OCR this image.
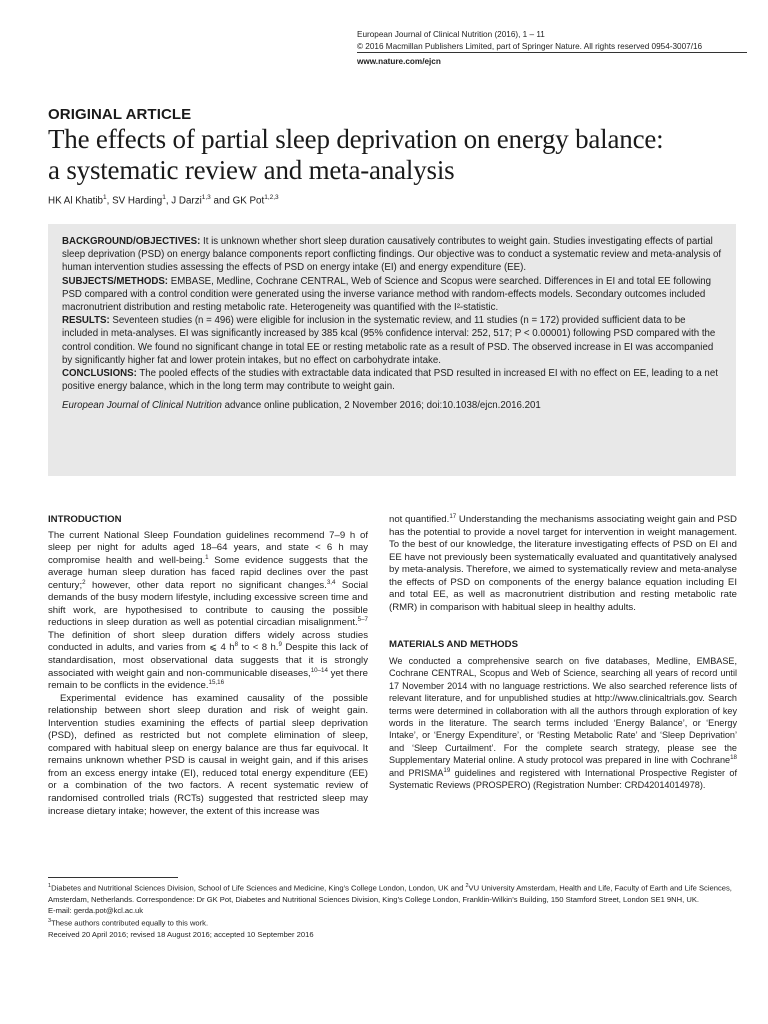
European Journal of Clinical Nutrition (2016), 1 – 11
© 2016 Macmillan Publishers Limited, part of Springer Nature. All rights reserved 0954-3007/16
www.nature.com/ejcn
ORIGINAL ARTICLE
The effects of partial sleep deprivation on energy balance:
a systematic review and meta-analysis
HK Al Khatib$^1$, SV Harding$^1$, J Darzi$^{1,3}$ and GK Pot$^{1,2,3}$

BACKGROUND/OBJECTIVES: It is unknown whether short sleep duration causatively contributes to weight gain. Studies investigating effects of partial sleep deprivation (PSD) on energy balance components report conflicting findings. Our objective was to conduct a systematic review and meta-analysis of human intervention studies assessing the effects of PSD on energy intake (EI) and energy expenditure (EE).

SUBJECTS/METHODS: EMBASE, Medline, Cochrane CENTRAL, Web of Science and Scopus were searched. Differences in EI and total EE following PSD compared with a control condition were generated using the inverse variance method with random-effects models. Secondary outcomes included macronutrient distribution and resting metabolic rate. Heterogeneity was quantified with the I²-statistic.

RESULTS: Seventeen studies (n = 496) were eligible for inclusion in the systematic review, and 11 studies (n = 172) provided sufficient data to be included in meta-analyses. EI was significantly increased by 385 kcal (95% confidence interval: 252, 517; P < 0.00001) following PSD compared with the control condition. We found no significant change in total EE or resting metabolic rate as a result of PSD. The observed increase in EI was accompanied by significantly higher fat and lower protein intakes, but no effect on carbohydrate intake.

CONCLUSIONS: The pooled effects of the studies with extractable data indicated that PSD resulted in increased EI with no effect on EE, leading to a net positive energy balance, which in the long term may contribute to weight gain.

European Journal of Clinical Nutrition advance online publication, 2 November 2016; doi:10.1038/ejcn.2016.201

INTRODUCTION

The current National Sleep Foundation guidelines recommend 7–9 h of sleep per night for adults aged 18–64 years, and state < 6 h may compromise health and well-being.$^1$ Some evidence suggests that the average human sleep duration has faced rapid declines over the past century;$^2$ however, other data report no significant changes.$^{3,4}$ Social demands of the busy modern lifestyle, including excessive screen time and shift work, are hypothesised to contribute to causing the possible reductions in sleep duration as well as potential circadian misalignment.$^{5-7}$ The definition of short sleep duration differs widely across studies conducted in adults, and varies from ⩽ 4 $h^8$ to < 8 h.$^9$ Despite this lack of standardisation, most observational data suggests that it is strongly associated with weight gain and non-communicable diseases,$^{10-14}$ yet there remain to be conflicts in the evidence.$^{15,16}$

Experimental evidence has examined causality of the possible relationship between short sleep duration and risk of weight gain. Intervention studies examining the effects of partial sleep deprivation (PSD), defined as restricted but not complete elimination of sleep, compared with habitual sleep on energy balance are thus far equivocal. It remains unknown whether PSD is causal in weight gain, and if this arises from an excess energy intake (EI), reduced total energy expenditure (EE) or a combination of the two factors. A recent systematic review of randomised controlled trials (RCTs) suggested that restricted sleep may increase dietary intake; however, the extent of this increase was

not quantified.$^{17}$ Understanding the mechanisms associating weight gain and PSD has the potential to provide a novel target for intervention in weight management. To the best of our knowledge, the literature investigating effects of PSD on EI and EE have not previously been systematically evaluated and quantitatively analysed by meta-analysis. Therefore, we aimed to systematically review and meta-analyse the effects of PSD on components of the energy balance equation including EI and total EE, as well as macronutrient distribution and resting metabolic rate (RMR) in comparison with habitual sleep in healthy adults.

MATERIALS AND METHODS

We conducted a comprehensive search on five databases, Medline, EMBASE, Cochrane CENTRAL, Scopus and Web of Science, searching all years of record until 17 November 2014 with no language restrictions. We also searched reference lists of relevant literature, and for unpublished studies at http://www.clinicaltrials.gov. Search terms were determined in collaboration with all the authors through exploration of key words in the literature. The search terms included ‘Energy Balance’, or ‘Energy Intake’, or ‘Energy Expenditure’, or ‘Resting Metabolic Rate’ and ‘Sleep Deprivation’ and ‘Sleep Curtailment’. For the complete search strategy, please see the Supplementary Material online. A study protocol was prepared in line with Cochrane$^{18}$ and PRISMA$^{19}$ guidelines and registered with International Prospective Register of Systematic Reviews (PROSPERO) (Registration Number: CRD42014014978).

$^1$Diabetes and Nutritional Sciences Division, School of Life Sciences and Medicine, King’s College London, London, UK and $^2$VU University Amsterdam, Health and Life, Faculty of Earth and Life Sciences, Amsterdam, Netherlands. Correspondence: Dr GK Pot, Diabetes and Nutritional Sciences Division, King’s College London, Franklin-Wilkin’s Building, 150 Stamford Street, London SE1 9NH, UK.

E-mail: gerda.pot@kcl.ac.uk

$^3$These authors contributed equally to this work.

Received 20 April 2016; revised 18 August 2016; accepted 10 September 2016
